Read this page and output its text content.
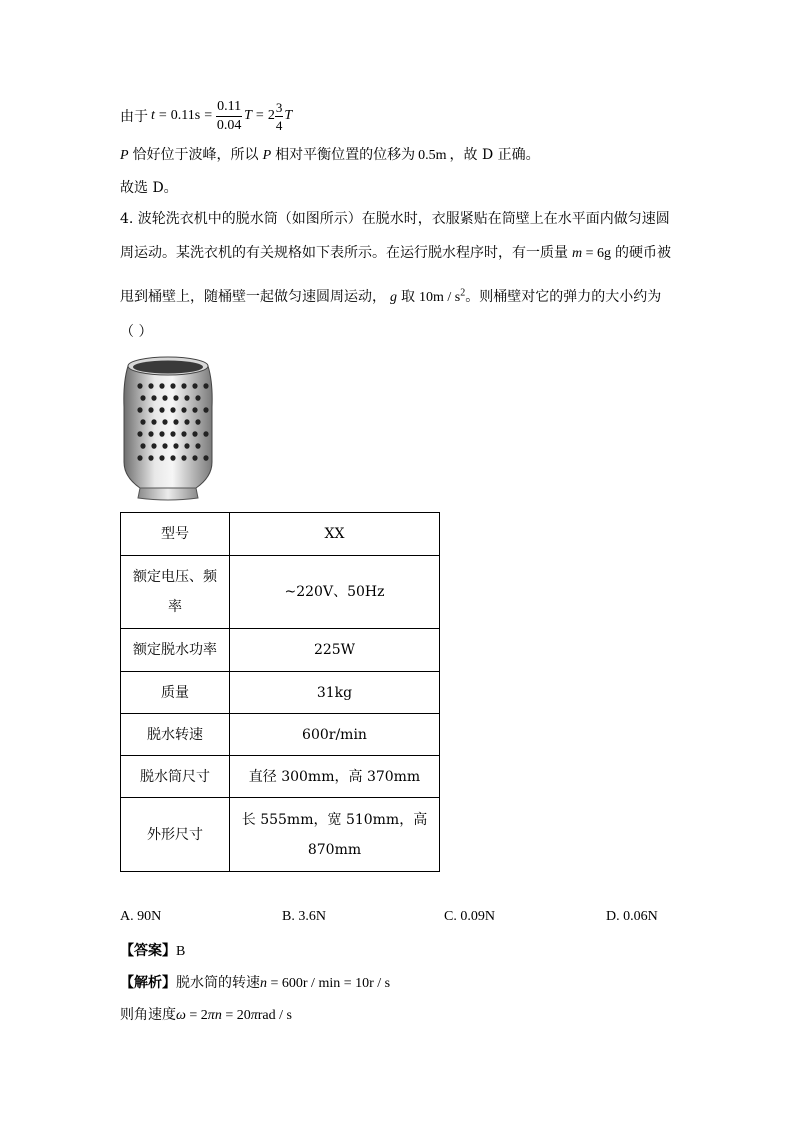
由于 $t = 0.11s = \frac{0.11}{0.04}$ $T = 2 \frac{3}{4}$ T
P 恰好位于波峰，所以 P 相对平衡位置的位移为 0.5m ，故 D 正确。
故选 D。
4. 波轮洗衣机中的脱水筒（如图所示）在脱水时，衣服紧贴在筒壁上在水平面内做匀速圆
周运动。某洗衣机的有关规格如下表所示。在运行脱水程序时，有一质量 m = 6g 的硬币被
甩到桶壁上，随桶壁一起做匀速圆周运动， g 取 $10m / s^2$。则桶壁对它的弹力的大小约为
（ ）
型号	XX
额定电压、频率	~220V、50Hz
额定脱水功率	225W
质量	31kg
脱水转速	600r/min
脱水筒尺寸	直径 300mm，高 370mm
外形尺寸	长 555mm，宽 510mm，高 870mm
A. 90N	B. 3.6N	C. 0.09N	D. 0.06N
【答案】B
【解析】脱水筒的转速n = 600r / min = 10r / s
则角速度ω = 2πn = 20πrad / s
